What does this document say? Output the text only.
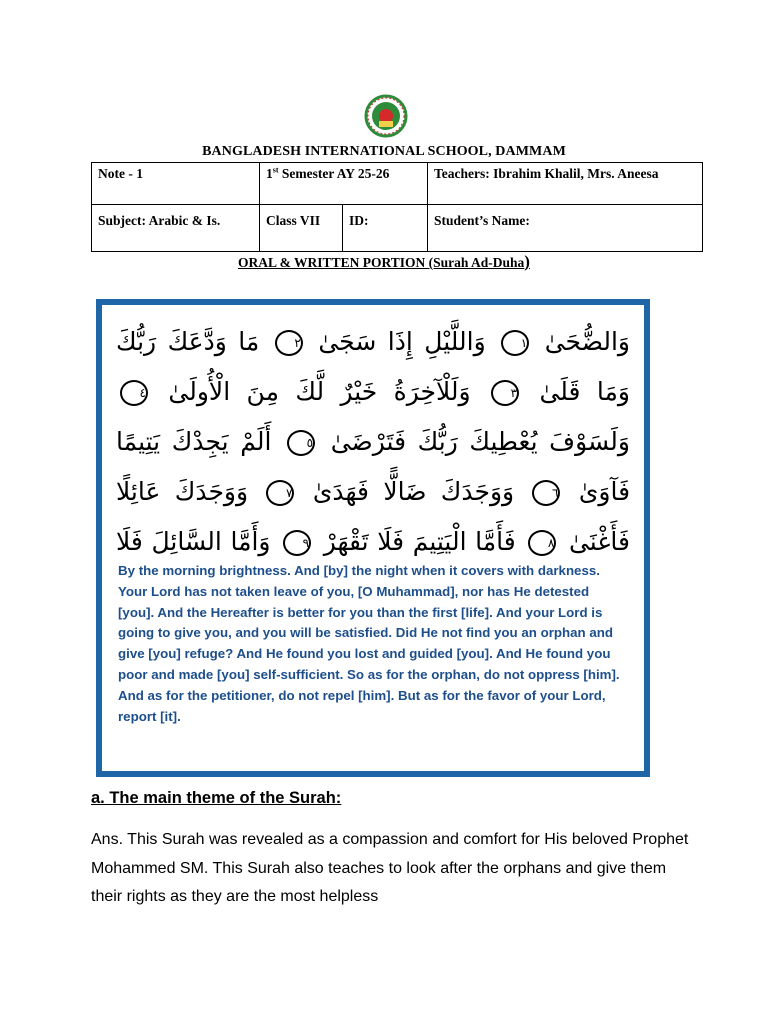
BANGLADESH INTERNATIONAL SCHOOL, DAMMAM
Note - 1	1st Semester AY 25-26		Teachers: Ibrahim Khalil, Mrs. Aneesa
Subject: Arabic & Is.	Class VII	ID:	Student’s Name:
ORAL & WRITTEN PORTION (Surah Ad-Duha)
وَالضُّحَىٰ ١ وَاللَّيْلِ إِذَا سَجَىٰ ٢ مَا وَدَّعَكَ رَبُّكَ وَمَا قَلَىٰ ٣ وَلَلْآخِرَةُ خَيْرٌ لَّكَ مِنَ الْأُولَىٰ ٤ وَلَسَوْفَ يُعْطِيكَ رَبُّكَ فَتَرْضَىٰ ٥ أَلَمْ يَجِدْكَ يَتِيمًا فَآوَىٰ ٦ وَوَجَدَكَ ضَالًّا فَهَدَىٰ ٧ وَوَجَدَكَ عَائِلًا فَأَغْنَىٰ ٨ فَأَمَّا الْيَتِيمَ فَلَا تَقْهَرْ ٩ وَأَمَّا السَّائِلَ فَلَا
By the morning brightness. And [by] the night when it covers with darkness. Your Lord has not taken leave of you, [O Muhammad], nor has He detested [you]. And the Hereafter is better for you than the first [life]. And your Lord is going to give you, and you will be satisfied. Did He not find you an orphan and give [you] refuge? And He found you lost and guided [you]. And He found you poor and made [you] self-sufficient. So as for the orphan, do not oppress [him]. And as for the petitioner, do not repel [him]. But as for the favor of your Lord, report [it].
a. The main theme of the Surah:
Ans. This Surah was revealed as a compassion and comfort for His beloved Prophet Mohammed SM. This Surah also teaches to look after the orphans and give them their rights as they are the most helpless
